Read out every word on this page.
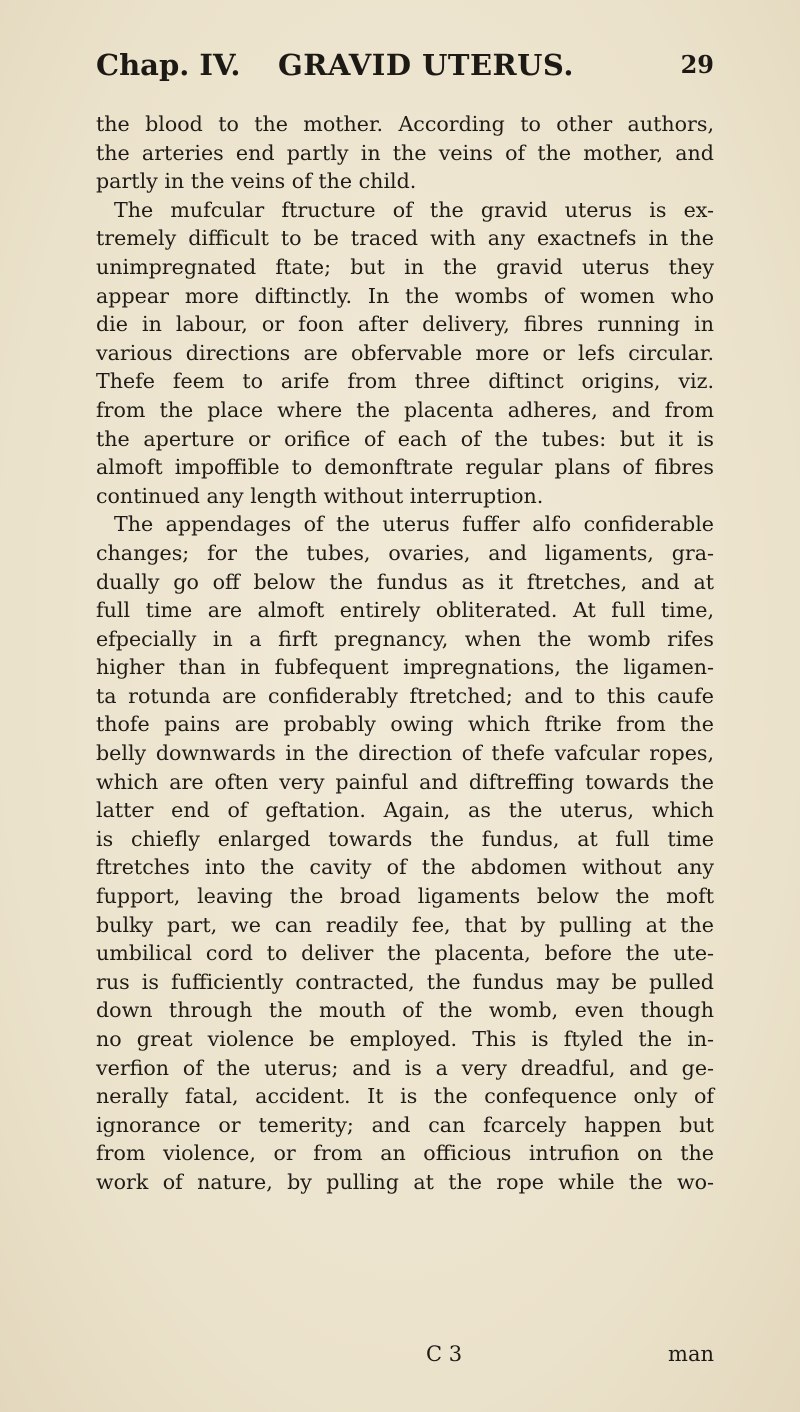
Chap. IV. GRAVID UTERUS.	29
the blood to the mother. According to other authors,
the arteries end partly in the veins of the mother, and
partly in the veins of the child.
The mufcular ftructure of the gravid uterus is ex-
tremely difficult to be traced with any exactnefs in the
unimpregnated ftate; but in the gravid uterus they
appear more diftinctly. In the wombs of women who
die in labour, or foon after delivery, fibres running in
various directions are obfervable more or lefs circular.
Thefe feem to arife from three diftinct origins, viz.
from the place where the placenta adheres, and from
the aperture or orifice of each of the tubes: but it is
almoft impoffible to demonftrate regular plans of fibres
continued any length without interruption.
The appendages of the uterus fuffer alfo confiderable
changes; for the tubes, ovaries, and ligaments, gra-
dually go off below the fundus as it ftretches, and at
full time are almoft entirely obliterated. At full time,
efpecially in a firft pregnancy, when the womb rifes
higher than in fubfequent impregnations, the ligamen-
ta rotunda are confiderably ftretched; and to this caufe
thofe pains are probably owing which ftrike from the
belly downwards in the direction of thefe vafcular ropes,
which are often very painful and diftreffing towards the
latter end of geftation. Again, as the uterus, which
is chiefly enlarged towards the fundus, at full time
ftretches into the cavity of the abdomen without any
fupport, leaving the broad ligaments below the moft
bulky part, we can readily fee, that by pulling at the
umbilical cord to deliver the placenta, before the ute-
rus is fufficiently contracted, the fundus may be pulled
down through the mouth of the womb, even though
no great violence be employed. This is ftyled the in-
verfion of the uterus; and is a very dreadful, and ge-
nerally fatal, accident. It is the confequence only of
ignorance or temerity; and can fcarcely happen but
from violence, or from an officious intrufion on the
work of nature, by pulling at the rope while the wo-
C 3	man
